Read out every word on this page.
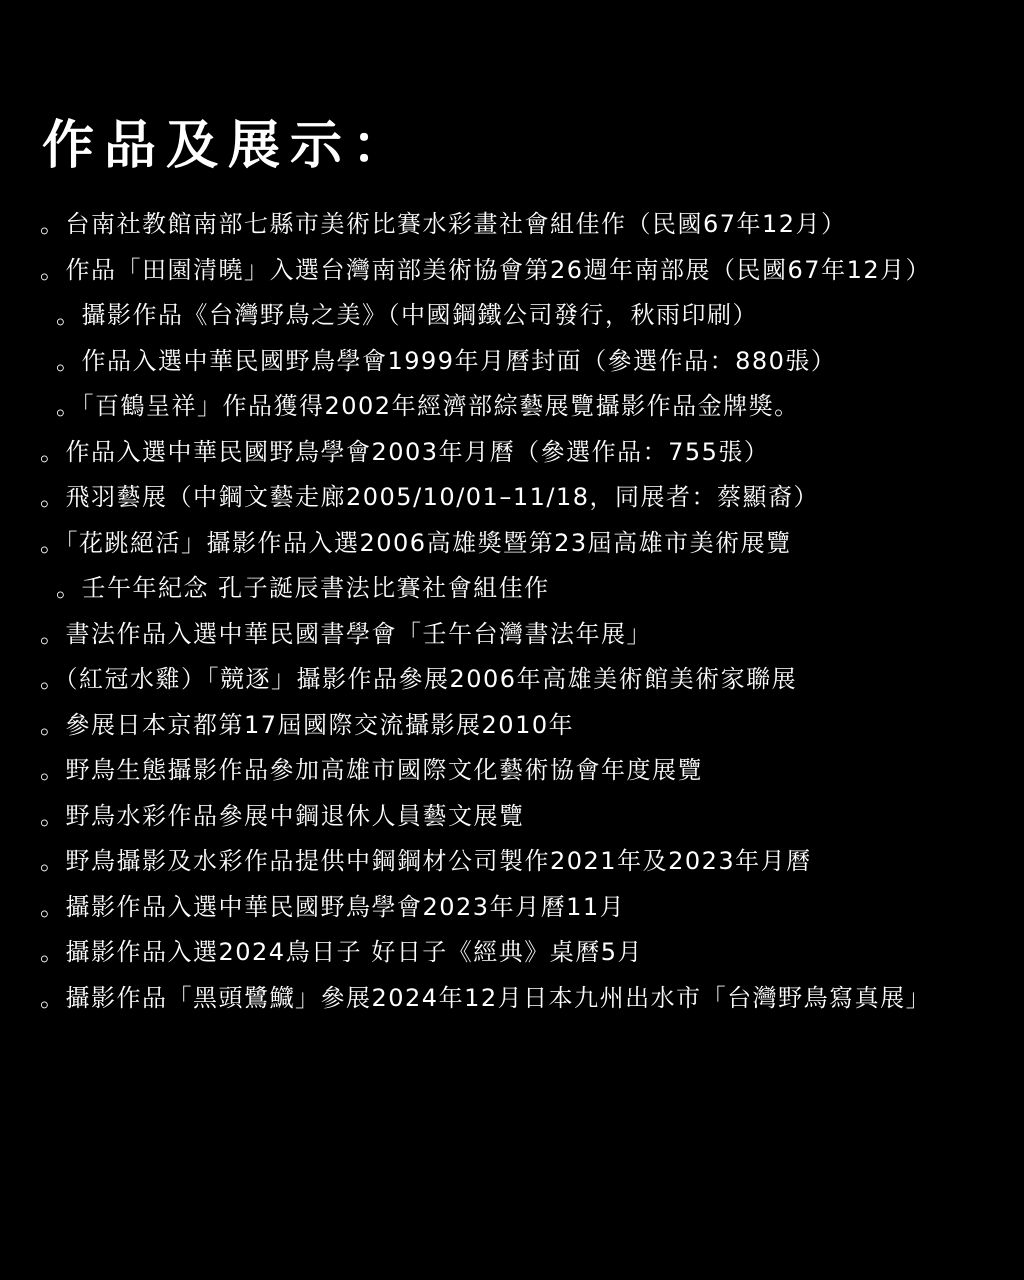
作品及展示：
。台南社教館南部七縣市美術比賽水彩畫社會組佳作（民國67年12月）
。作品「田園清曉」入選台灣南部美術協會第26週年南部展（民國67年12月）
。攝影作品《台灣野鳥之美》（中國鋼鐵公司發行，秋雨印刷）
。作品入選中華民國野鳥學會1999年月曆封面（參選作品：880張）
。「百鶴呈祥」作品獲得2002年經濟部綜藝展覽攝影作品金牌獎。
。作品入選中華民國野鳥學會2003年月曆（參選作品：755張）
。飛羽藝展（中鋼文藝走廊2005/10/01–11/18，同展者：蔡顯裔）
。「花跳絕活」攝影作品入選2006高雄獎暨第23屆高雄市美術展覽
。壬午年紀念 孔子誕辰書法比賽社會組佳作
。書法作品入選中華民國書學會「壬午台灣書法年展」
。（紅冠水雞）「競逐」攝影作品參展2006年高雄美術館美術家聯展
。參展日本京都第17屆國際交流攝影展2010年
。野鳥生態攝影作品參加高雄市國際文化藝術協會年度展覽
。野鳥水彩作品參展中鋼退休人員藝文展覽
。野鳥攝影及水彩作品提供中鋼鋼材公司製作2021年及2023年月曆
。攝影作品入選中華民國野鳥學會2023年月曆11月
。攝影作品入選2024鳥日子 好日子《經典》桌曆5月
。攝影作品「黑頭鷺鱵」參展2024年12月日本九州出水市「台灣野鳥寫真展」
